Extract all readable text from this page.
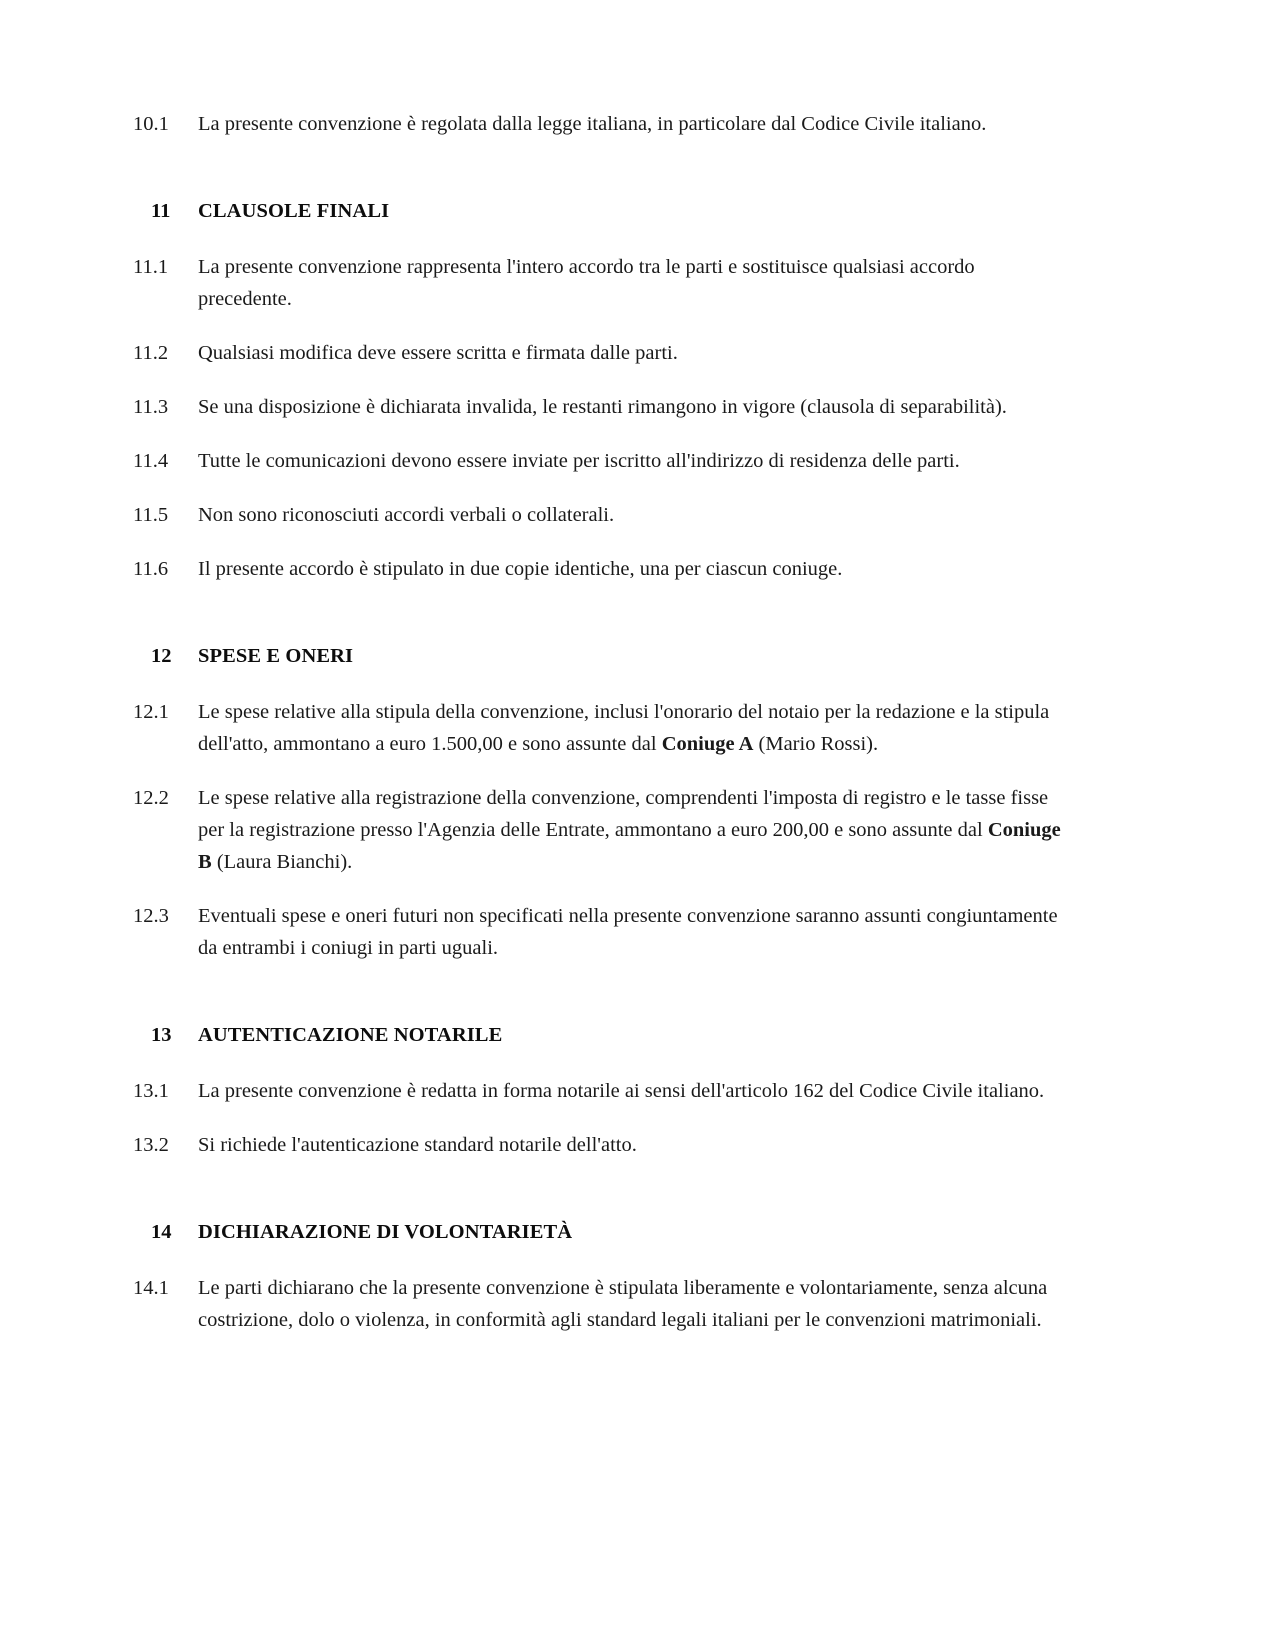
10.1	La presente convenzione è regolata dalla legge italiana, in particolare dal Codice Civile italiano.
11	CLAUSOLE FINALI
11.1	La presente convenzione rappresenta l'intero accordo tra le parti e sostituisce qualsiasi accordo precedente.
11.2	Qualsiasi modifica deve essere scritta e firmata dalle parti.
11.3	Se una disposizione è dichiarata invalida, le restanti rimangono in vigore (clausola di separabilità).
11.4	Tutte le comunicazioni devono essere inviate per iscritto all'indirizzo di residenza delle parti.
11.5	Non sono riconosciuti accordi verbali o collaterali.
11.6	Il presente accordo è stipulato in due copie identiche, una per ciascun coniuge.
12	SPESE E ONERI
12.1	Le spese relative alla stipula della convenzione, inclusi l'onorario del notaio per la redazione e la stipula dell'atto, ammontano a euro 1.500,00 e sono assunte dal Coniuge A (Mario Rossi).
12.2	Le spese relative alla registrazione della convenzione, comprendenti l'imposta di registro e le tasse fisse per la registrazione presso l'Agenzia delle Entrate, ammontano a euro 200,00 e sono assunte dal Coniuge B (Laura Bianchi).
12.3	Eventuali spese e oneri futuri non specificati nella presente convenzione saranno assunti congiuntamente da entrambi i coniugi in parti uguali.
13	AUTENTICAZIONE NOTARILE
13.1	La presente convenzione è redatta in forma notarile ai sensi dell'articolo 162 del Codice Civile italiano.
13.2	Si richiede l'autenticazione standard notarile dell'atto.
14	DICHIARAZIONE DI VOLONTARIETÀ
14.1	Le parti dichiarano che la presente convenzione è stipulata liberamente e volontariamente, senza alcuna costrizione, dolo o violenza, in conformità agli standard legali italiani per le convenzioni matrimoniali.
